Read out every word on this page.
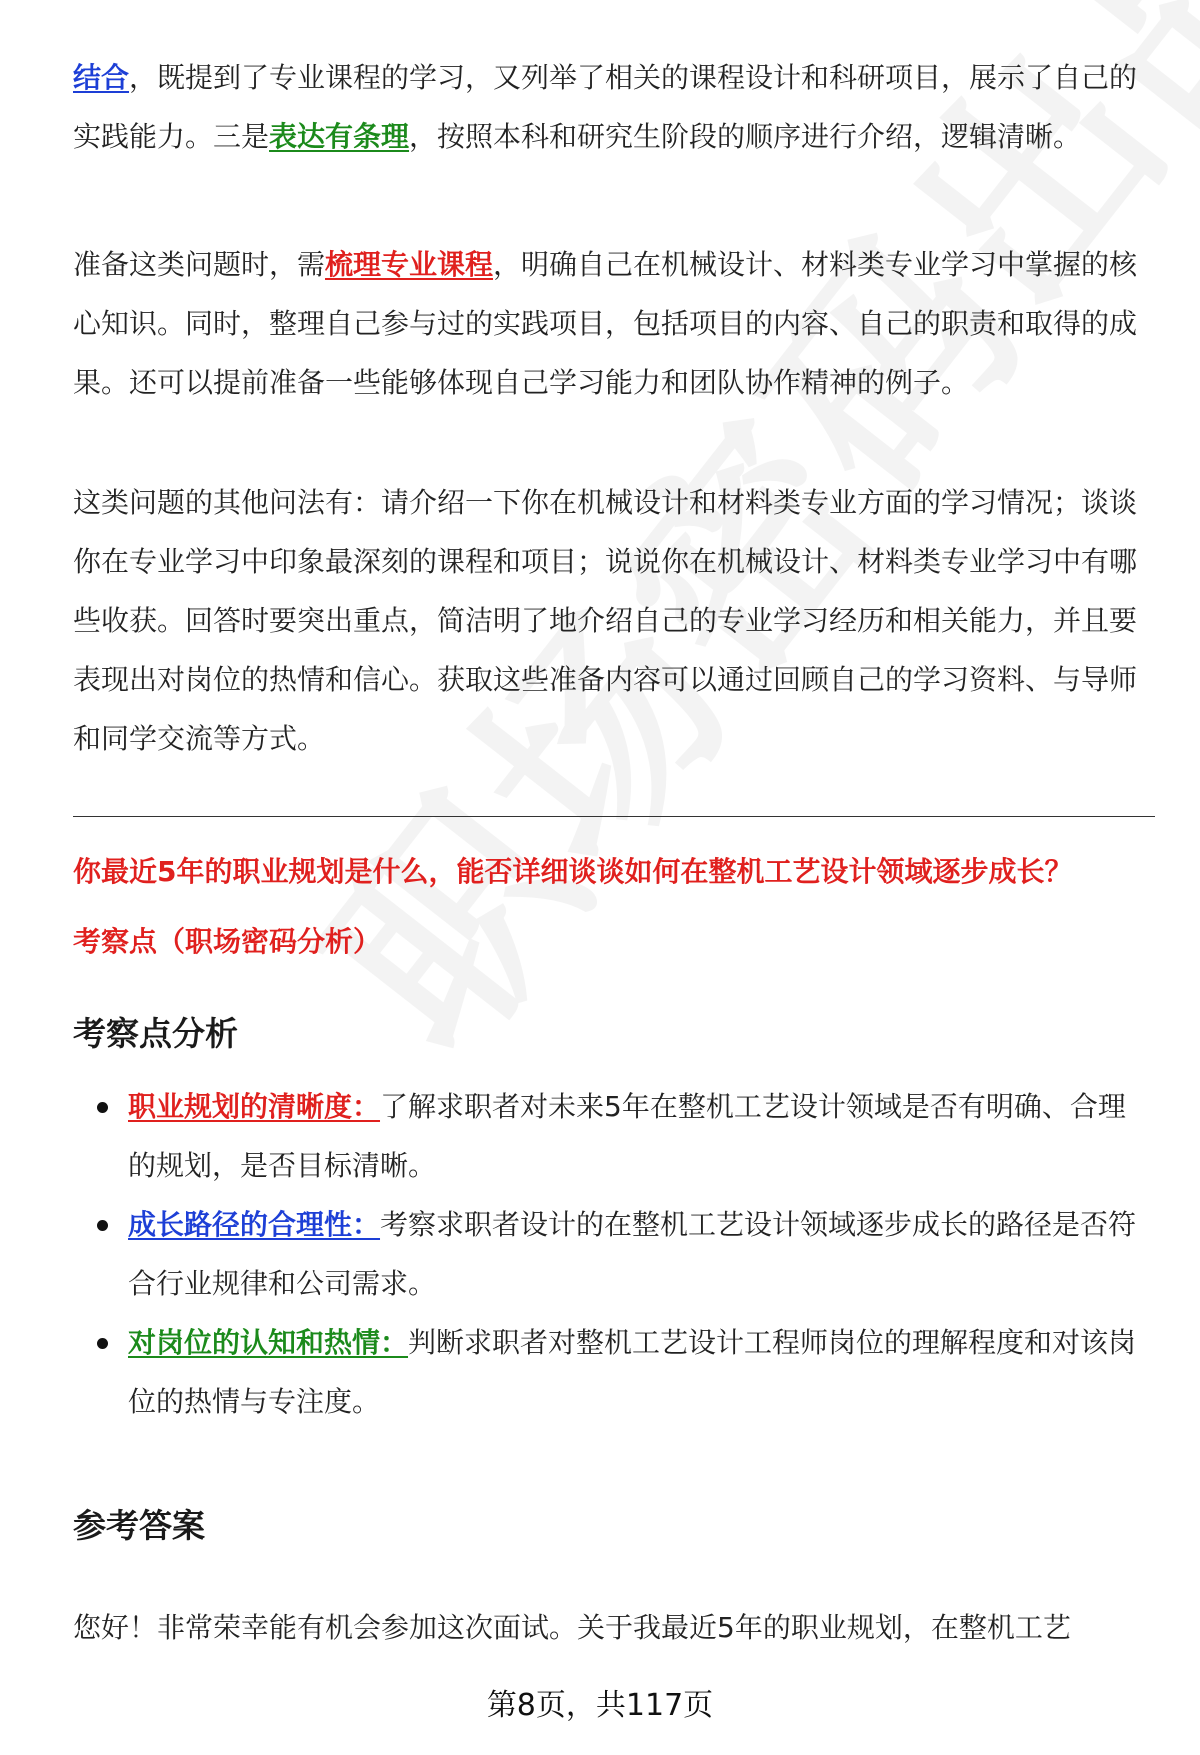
结合，既提到了专业课程的学习，又列举了相关的课程设计和科研项目，展示了自己的实践能力。三是表达有条理，按照本科和研究生阶段的顺序进行介绍，逻辑清晰。

准备这类问题时，需梳理专业课程，明确自己在机械设计、材料类专业学习中掌握的核心知识。同时，整理自己参与过的实践项目，包括项目的内容、自己的职责和取得的成果。还可以提前准备一些能够体现自己学习能力和团队协作精神的例子。

这类问题的其他问法有：请介绍一下你在机械设计和材料类专业方面的学习情况；谈谈你在专业学习中印象最深刻的课程和项目；说说你在机械设计、材料类专业学习中有哪些收获。回答时要突出重点，简洁明了地介绍自己的专业学习经历和相关能力，并且要表现出对岗位的热情和信心。获取这些准备内容可以通过回顾自己的学习资料、与导师和同学交流等方式。

你最近5年的职业规划是什么，能否详细谈谈如何在整机工艺设计领域逐步成长？

考察点（职场密码分析）

考察点分析
职业规划的清晰度：了解求职者对未来5年在整机工艺设计领域是否有明确、合理的规划，是否目标清晰。
成长路径的合理性：考察求职者设计的在整机工艺设计领域逐步成长的路径是否符合行业规律和公司需求。
对岗位的认知和热情：判断求职者对整机工艺设计工程师岗位的理解程度和对该岗位的热情与专注度。
参考答案

您好！非常荣幸能有机会参加这次面试。关于我最近5年的职业规划，在整机工艺

第8页，共117页
